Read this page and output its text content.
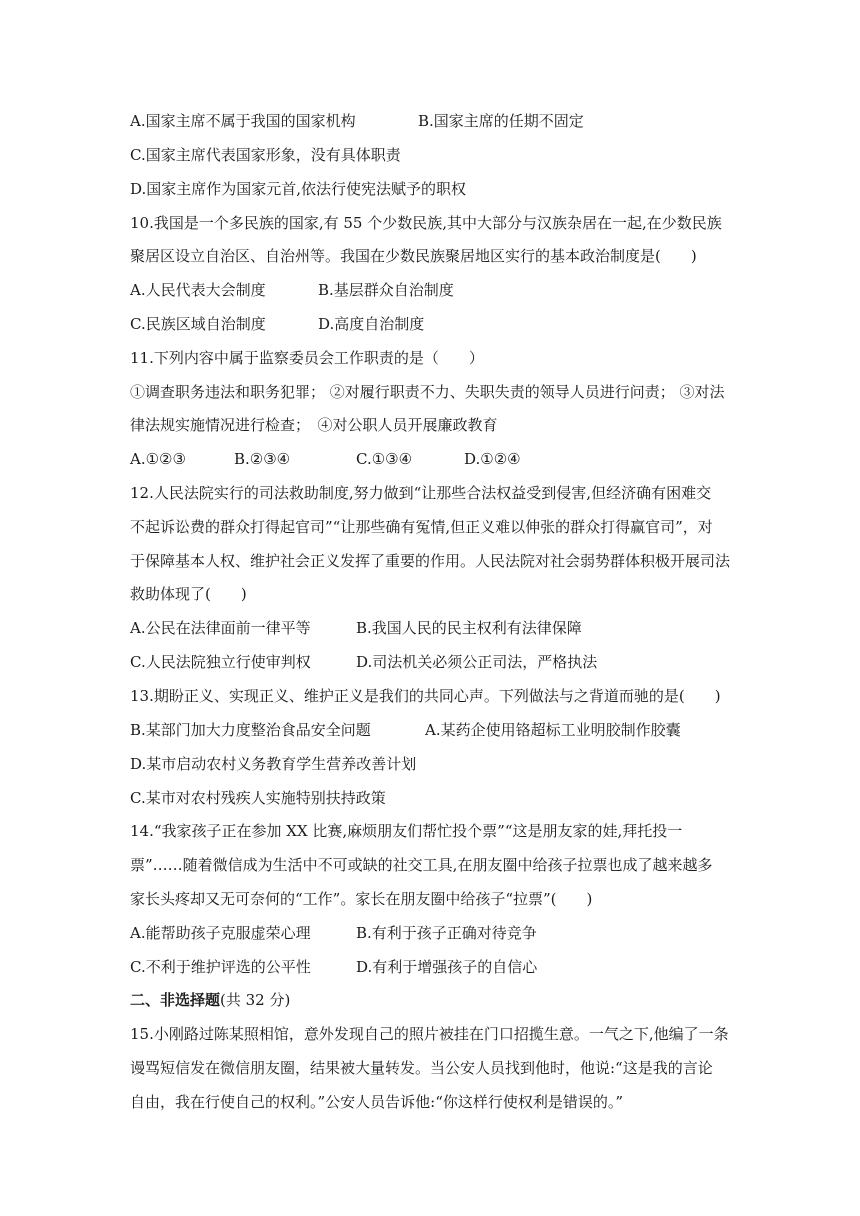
A.国家主席不属于我国的国家机构	B.国家主席的任期不固定
C.国家主席代表国家形象，没有具体职责
D.国家主席作为国家元首,依法行使宪法赋予的职权
10.我国是一个多民族的国家,有 55 个少数民族,其中大部分与汉族杂居在一起,在少数民族
聚居区设立自治区、自治州等。我国在少数民族聚居地区实行的基本政治制度是(　　)
A.人民代表大会制度	B.基层群众自治制度
C.民族区域自治制度	D.高度自治制度
11.下列内容中属于监察委员会工作职责的是（　　）
①调查职务违法和职务犯罪； ②对履行职责不力、失职失责的领导人员进行问责； ③对法
律法规实施情况进行检查；　④对公职人员开展廉政教育
A.①②③	B.②③④	C.①③④	D.①②④
12.人民法院实行的司法救助制度,努力做到“让那些合法权益受到侵害,但经济确有困难交
不起诉讼费的群众打得起官司”“让那些确有冤情,但正义难以伸张的群众打得赢官司”，对
于保障基本人权、维护社会正义发挥了重要的作用。人民法院对社会弱势群体积极开展司法
救助体现了(　　)
A.公民在法律面前一律平等	B.我国人民的民主权利有法律保障
C.人民法院独立行使审判权	D.司法机关必须公正司法，严格执法
13.期盼正义、实现正义、维护正义是我们的共同心声。下列做法与之背道而驰的是(　　)
B.某部门加大力度整治食品安全问题	A.某药企使用铬超标工业明胶制作胶囊
D.某市启动农村义务教育学生营养改善计划
C.某市对农村残疾人实施特别扶持政策
14.“我家孩子正在参加 XX 比赛,麻烦朋友们帮忙投个票”“这是朋友家的娃,拜托投一
票”……随着微信成为生活中不可或缺的社交工具,在朋友圈中给孩子拉票也成了越来越多
家长头疼却又无可奈何的“工作”。家长在朋友圈中给孩子“拉票”(　　)
A.能帮助孩子克服虚荣心理	B.有利于孩子正确对待竞争
C.不利于维护评选的公平性	D.有利于增强孩子的自信心
二、非选择题(共 32 分)
15.小刚路过陈某照相馆，意外发现自己的照片被挂在门口招揽生意。一气之下,他编了一条
谩骂短信发在微信朋友圈，结果被大量转发。当公安人员找到他时，他说:“这是我的言论
自由，我在行使自己的权利。”公安人员告诉他:“你这样行使权利是错误的。”
